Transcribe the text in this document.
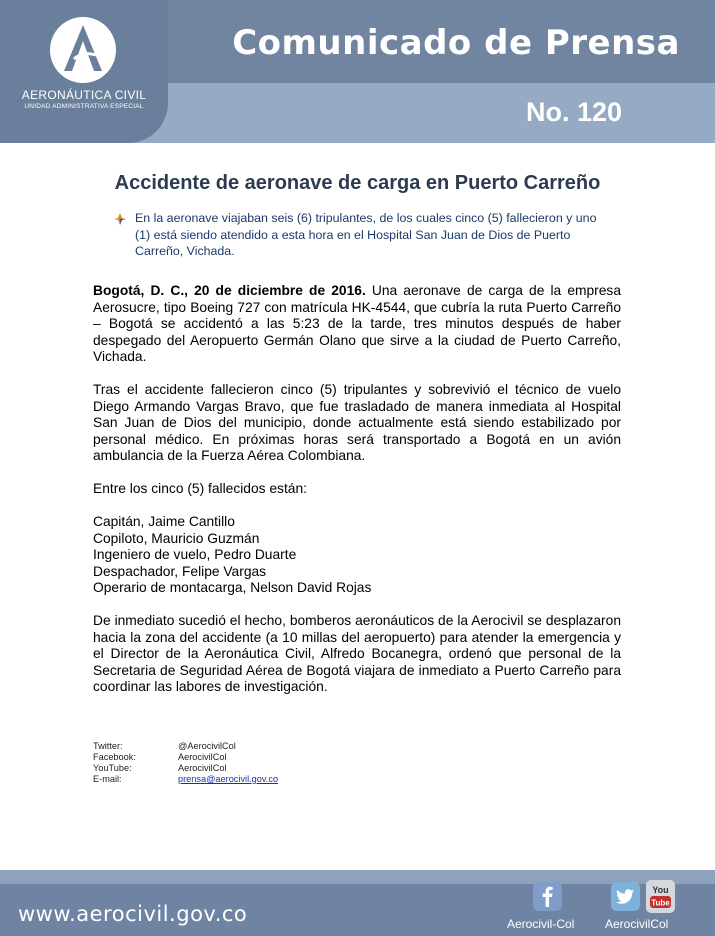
AERONÁUTICA CIVIL
UNIDAD ADMINISTRATIVA ESPECIAL
Comunicado de Prensa
No. 120
Accidente de aeronave de carga en Puerto Carreño
En la aeronave viajaban seis (6) tripulantes, de los cuales cinco (5) fallecieron y uno (1) está siendo atendido a esta hora en el Hospital San Juan de Dios de Puerto Carreño, Vichada.
Bogotá, D. C., 20 de diciembre de 2016. Una aeronave de carga de la empresa Aerosucre, tipo Boeing 727 con matrícula HK-4544, que cubría la ruta Puerto Carreño – Bogotá se accidentó a las 5:23 de la tarde, tres minutos después de haber despegado del Aeropuerto Germán Olano que sirve a la ciudad de Puerto Carreño, Vichada.
Tras el accidente fallecieron cinco (5) tripulantes y sobrevivió el técnico de vuelo Diego Armando Vargas Bravo, que fue trasladado de manera inmediata al Hospital San Juan de Dios del municipio, donde actualmente está siendo estabilizado por personal médico. En próximas horas será transportado a Bogotá en un avión ambulancia de la Fuerza Aérea Colombiana.
Entre los cinco (5) fallecidos están:
Capitán, Jaime Cantillo
Copiloto, Mauricio Guzmán
Ingeniero de vuelo, Pedro Duarte
Despachador, Felipe Vargas
Operario de montacarga, Nelson David Rojas
De inmediato sucedió el hecho, bomberos aeronáuticos de la Aerocivil se desplazaron hacia la zona del accidente (a 10 millas del aeropuerto) para atender la emergencia y el Director de la Aeronáutica Civil, Alfredo Bocanegra, ordenó que personal de la Secretaria de Seguridad Aérea de Bogotá viajara de inmediato a Puerto Carreño para coordinar las labores de investigación.
Twitter:	@AerocivilCol
Facebook:	AerocivilCol
YouTube:	AerocivilCol
E-mail:	prensa@aerocivil.gov.co
www.aerocivil.gov.co
You
Tube
Aerocivil-Col	AerocivilCol
